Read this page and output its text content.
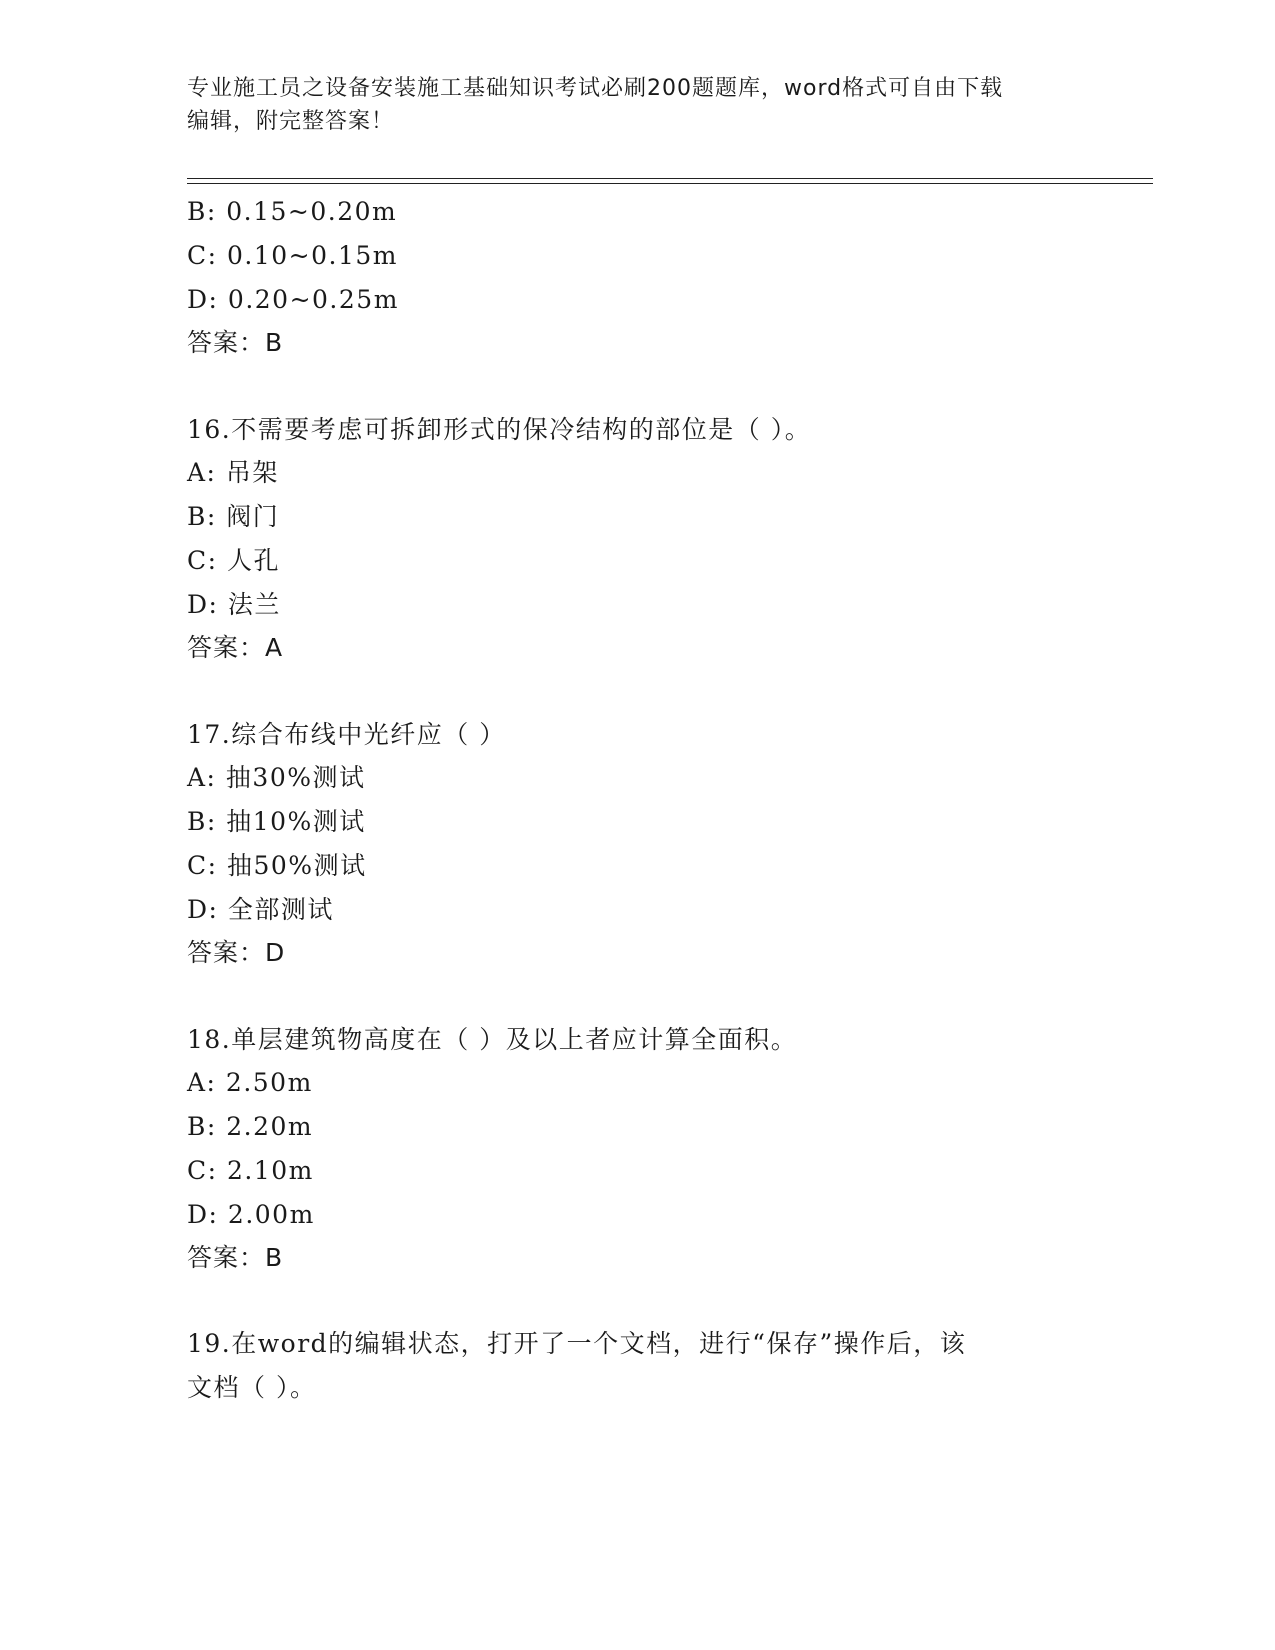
专业施工员之设备安装施工基础知识考试必刷200题题库，word格式可自由下载
编辑，附完整答案！
B: 0.15~0.20m
C: 0.10~0.15m
D: 0.20~0.25m
答案：B
16.不需要考虑可拆卸形式的保冷结构的部位是（ ）。
A: 吊架
B: 阀门
C: 人孔
D: 法兰
答案：A
17.综合布线中光纤应（ ）
A: 抽30%测试
B: 抽10%测试
C: 抽50%测试
D: 全部测试
答案：D
18.单层建筑物高度在（ ）及以上者应计算全面积。
A: 2.50m
B: 2.20m
C: 2.10m
D: 2.00m
答案：B
19.在word的编辑状态，打开了一个文档，进行“保存”操作后，该
文档（ ）。
